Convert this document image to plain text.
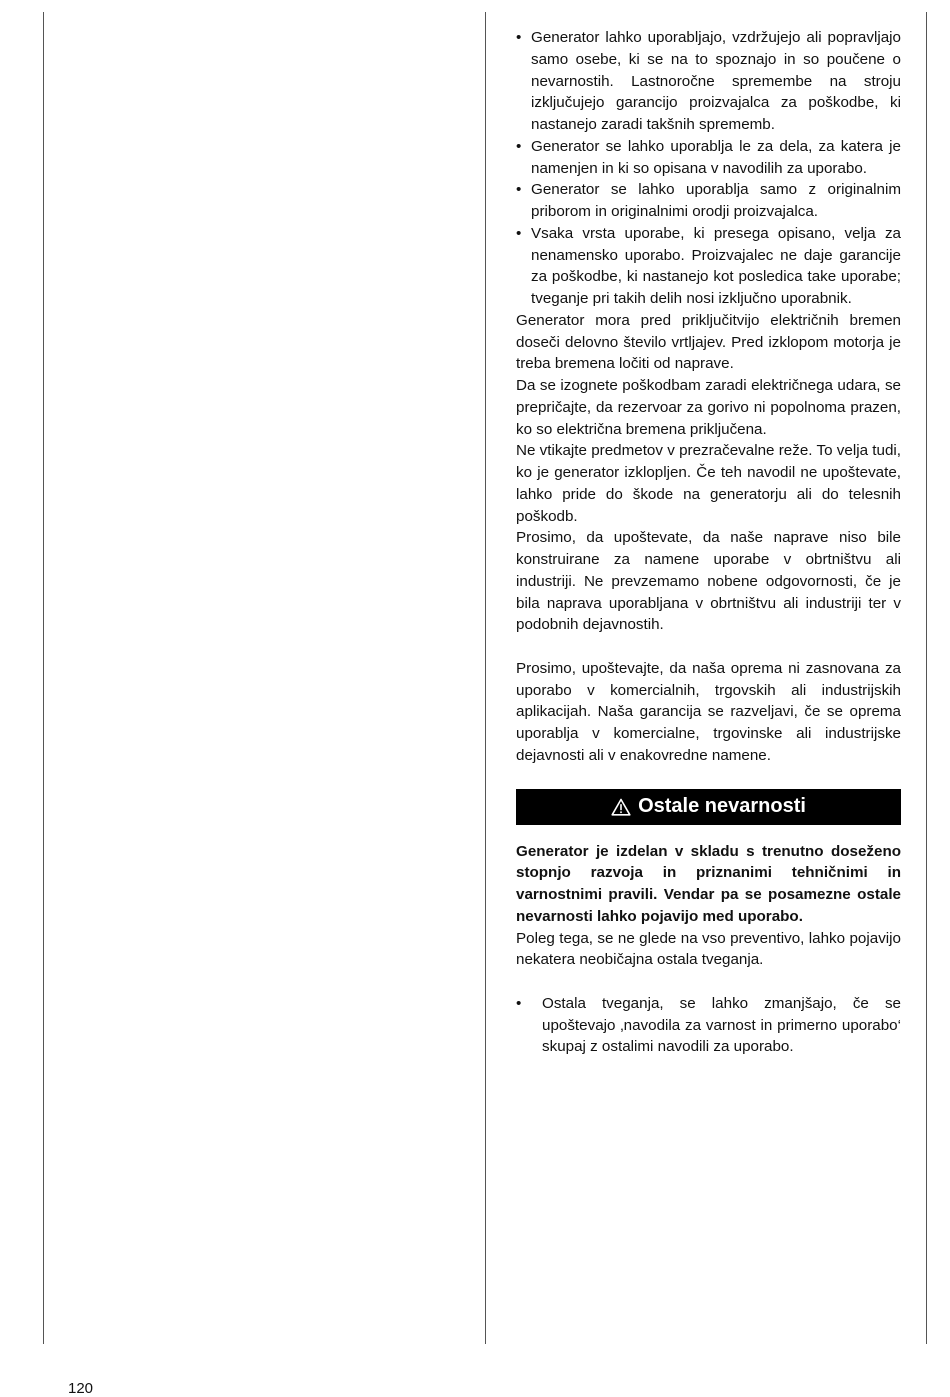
• Generator lahko uporabljajo, vzdržujejo ali popravljajo samo osebe, ki se na to spoznajo in so poučene o nevarnostih. Lastnoročne spremembe na stroju izključujejo garancijo proizvajalca za poškodbe, ki nastanejo zaradi takšnih sprememb.
• Generator se lahko uporablja le za dela, za katera je namenjen in ki so opisana v navodilih za uporabo.
• Generator se lahko uporablja samo z originalnim priborom in originalnimi orodji proizvajalca.
• Vsaka vrsta uporabe, ki presega opisano, velja za nenamensko uporabo. Proizvajalec ne daje garancije za poškodbe, ki nastanejo kot posledica take uporabe; tveganje pri takih delih nosi izključno uporabnik.

Generator mora pred priključitvijo električnih bremen doseči delovno število vrtljajev. Pred izklopom motorja je treba bremena ločiti od naprave.

Da se izognete poškodbam zaradi električnega udara, se prepričajte, da rezervoar za gorivo ni popolnoma prazen, ko so električna bremena priključena.

Ne vtikajte predmetov v prezračevalne reže. To velja tudi, ko je generator izklopljen. Če teh navodil ne upoštevate, lahko pride do škode na generatorju ali do telesnih poškodb.

Prosimo, da upoštevate, da naše naprave niso bile konstruirane za namene uporabe v obrtništvu ali industriji. Ne prevzemamo nobene odgovornosti, če je bila naprava uporabljana v obrtništvu ali industriji ter v podobnih dejavnostih.

Prosimo, upoštevajte, da naša oprema ni zasnovana za uporabo v komercialnih, trgovskih ali industrijskih aplikacijah. Naša garancija se razveljavi, če se oprema uporablja v komercialne, trgovinske ali industrijske dejavnosti ali v enakovredne namene.

Ostale nevarnosti

Generator je izdelan v skladu s trenutno doseženo stopnjo razvoja in priznanimi tehničnimi in varnostnimi pravili. Vendar pa se posamezne ostale nevarnosti lahko pojavijo med uporabo.

Poleg tega, se ne glede na vso preventivo, lahko pojavijo nekatera neobičajna ostala tveganja.

• Ostala tveganja, se lahko zmanjšajo, če se upoštevajo ‚navodila za varnost in primerno uporabo‘ skupaj z ostalimi navodili za uporabo.
120
